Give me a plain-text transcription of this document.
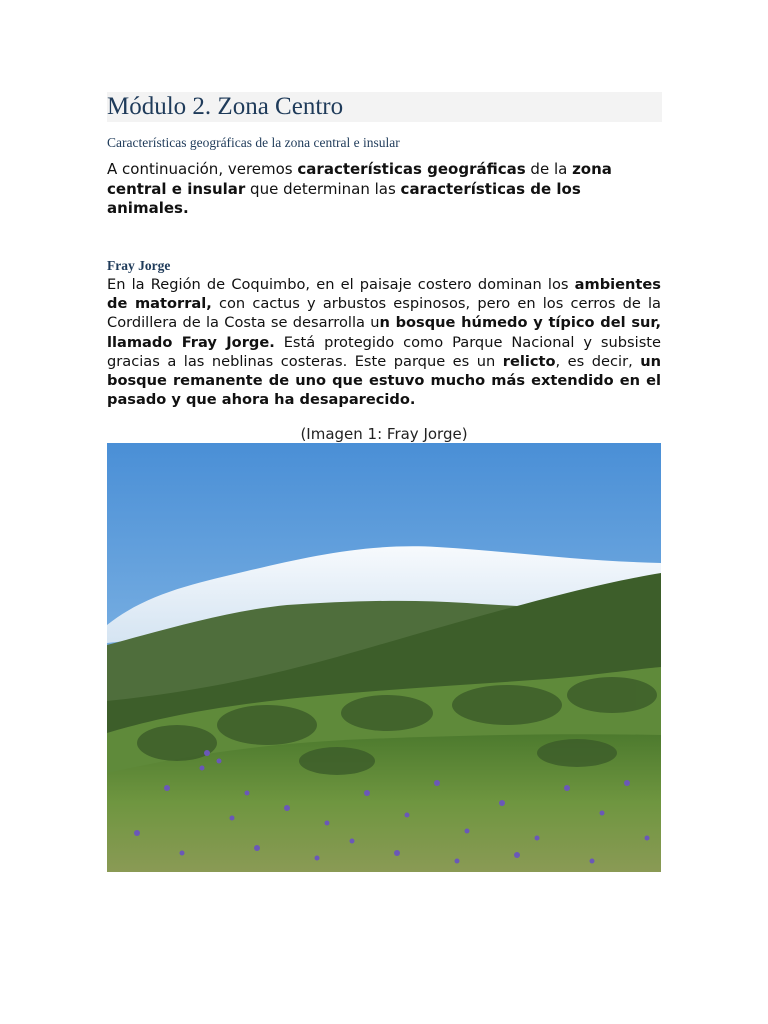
Módulo 2. Zona Centro

Características geográficas de la zona central e insular

A continuación, veremos características geográficas de la zona central e insular que determinan las características de los animales.

Fray Jorge

En la Región de Coquimbo, en el paisaje costero dominan los ambientes de matorral, con cactus y arbustos espinosos, pero en los cerros de la Cordillera de la Costa se desarrolla un bosque húmedo y típico del sur, llamado Fray Jorge. Está protegido como Parque Nacional y subsiste gracias a las neblinas costeras. Este parque es un relicto, es decir, un bosque remanente de uno que estuvo mucho más extendido en el pasado y que ahora ha desaparecido.

(Imagen 1: Fray Jorge)
